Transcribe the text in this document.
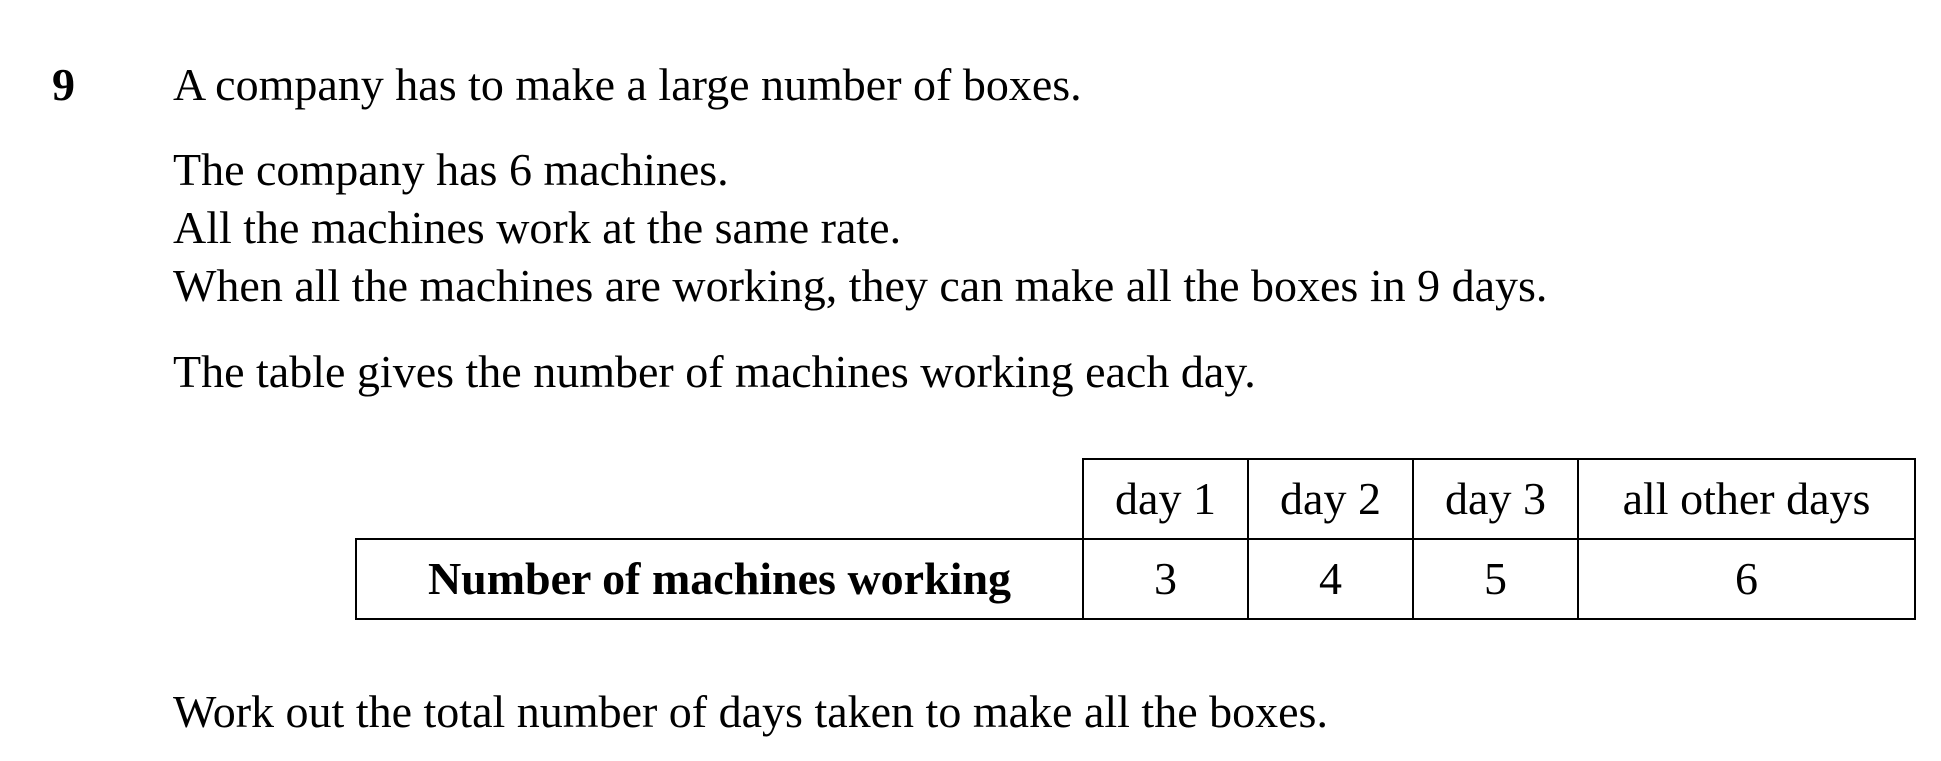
9 A company has to make a large number of boxes.
The company has 6 machines.
All the machines work at the same rate.
When all the machines are working, they can make all the boxes in 9 days.
The table gives the number of machines working each day.
	day 1	day 2	day 3	all other days
Number of machines working	3	4	5	6
Work out the total number of days taken to make all the boxes.
